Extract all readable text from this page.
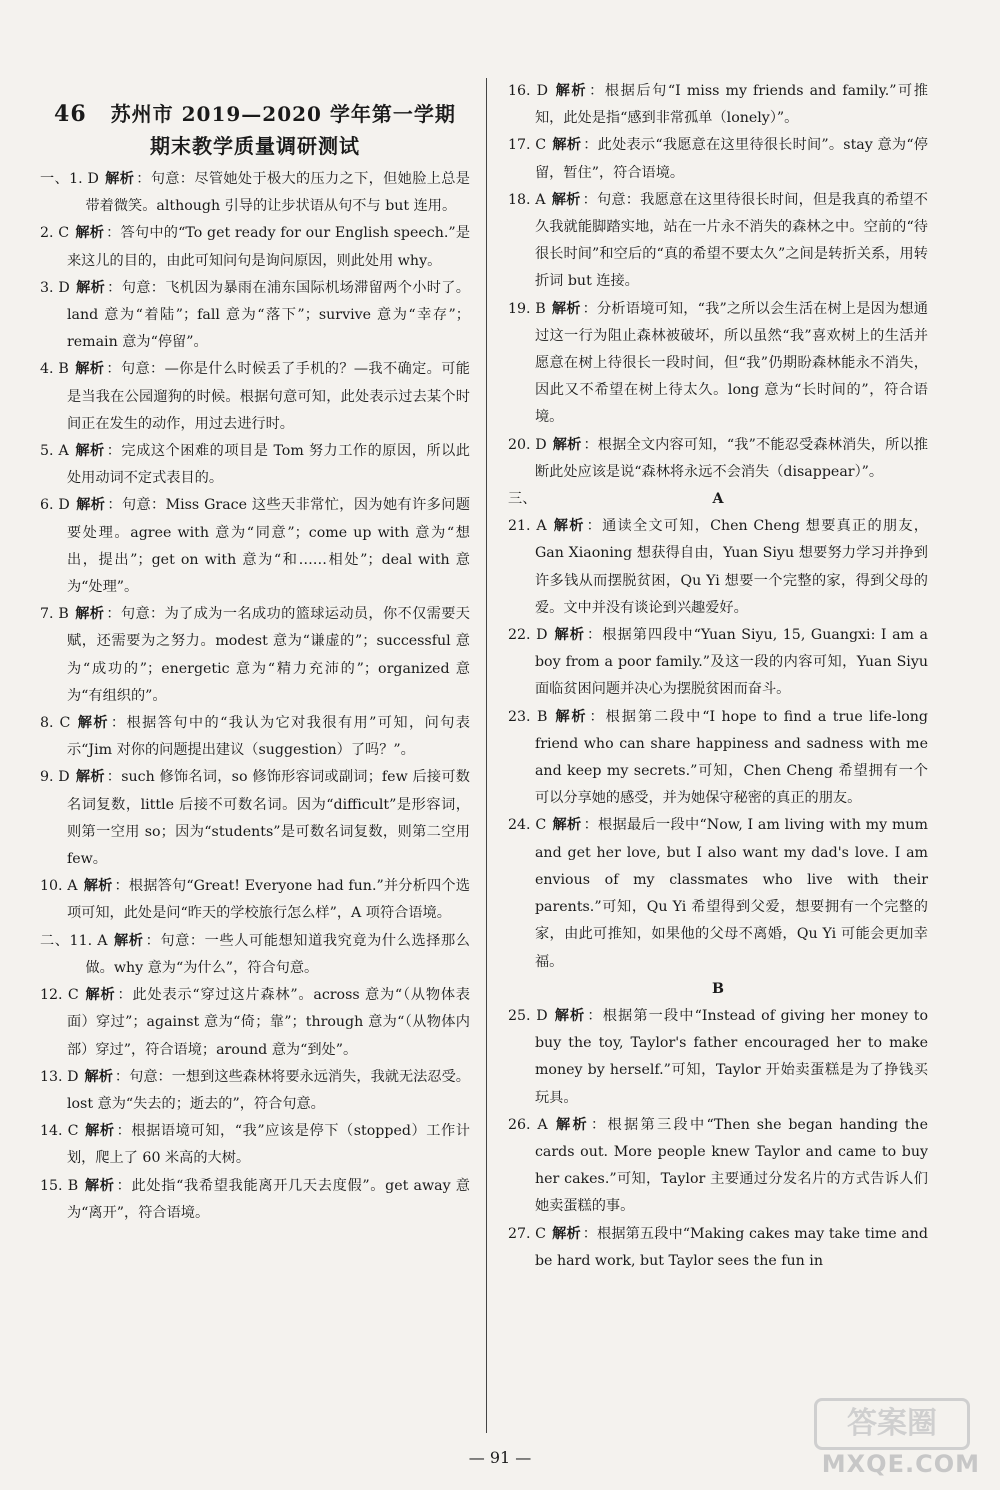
46 苏州市 2019—2020 学年第一学期
期末教学质量调研测试

一、1. D 解析 ：句意：尽管她处于极大的压力之下，但她脸上总是带着微笑。although 引导的让步状语从句不与 but 连用。

2. C 解析 ：答句中的“To get ready for our English speech.”是来这儿的目的，由此可知问句是询问原因，则此处用 why。

3. D 解析 ：句意：飞机因为暴雨在浦东国际机场滞留两个小时了。land 意为“着陆”；fall 意为“落下”；survive 意为“幸存”；remain 意为“停留”。

4. B 解析 ：句意：—你是什么时候丢了手机的？—我不确定。可能是当我在公园遛狗的时候。根据句意可知，此处表示过去某个时间正在发生的动作，用过去进行时。

5. A 解析 ：完成这个困难的项目是 Tom 努力工作的原因，所以此处用动词不定式表目的。

6. D 解析 ：句意：Miss Grace 这些天非常忙，因为她有许多问题要处理。agree with 意为“同意”；come up with 意为“想出，提出”；get on with 意为“和……相处”；deal with 意为“处理”。

7. B 解析 ：句意：为了成为一名成功的篮球运动员，你不仅需要天赋，还需要为之努力。modest 意为“谦虚的”；successful 意为“成功的”；energetic 意为“精力充沛的”；organized 意为“有组织的”。

8. C 解析 ：根据答句中的“我认为它对我很有用”可知，问句表示“Jim 对你的问题提出建议（suggestion）了吗？”。

9. D 解析 ：such 修饰名词，so 修饰形容词或副词；few 后接可数名词复数，little 后接不可数名词。因为“difficult”是形容词，则第一空用 so；因为“students”是可数名词复数，则第二空用 few。

10. A 解析 ：根据答句“Great! Everyone had fun.”并分析四个选项可知，此处是问“昨天的学校旅行怎么样”，A 项符合语境。

二、11. A 解析 ：句意：一些人可能想知道我究竟为什么选择那么做。why 意为“为什么”，符合句意。

12. C 解析 ：此处表示“穿过这片森林”。across 意为“（从物体表面）穿过”；against 意为“倚；靠”；through 意为“（从物体内部）穿过”，符合语境；around 意为“到处”。

13. D 解析 ：句意：一想到这些森林将要永远消失，我就无法忍受。lost 意为“失去的；逝去的”，符合句意。

14. C 解析 ：根据语境可知，“我”应该是停下（stopped）工作计划，爬上了 60 米高的大树。

15. B 解析 ：此处指“我希望我能离开几天去度假”。get away 意为“离开”，符合语境。

16. D 解析 ：根据后句“I miss my friends and family.”可推知，此处是指“感到非常孤单（lonely）”。

17. C 解析 ：此处表示“我愿意在这里待很长时间”。stay 意为“停留，暂住”，符合语境。

18. A 解析 ：句意：我愿意在这里待很长时间，但是我真的希望不久我就能脚踏实地，站在一片永不消失的森林之中。空前的“待很长时间”和空后的“真的希望不要太久”之间是转折关系，用转折词 but 连接。

19. B 解析 ：分析语境可知，“我”之所以会生活在树上是因为想通过这一行为阻止森林被破坏，所以虽然“我”喜欢树上的生活并愿意在树上待很长一段时间，但“我”仍期盼森林能永不消失，因此又不希望在树上待太久。long 意为“长时间的”，符合语境。

20. D 解析 ：根据全文内容可知，“我”不能忍受森林消失，所以推断此处应该是说“森林将永远不会消失（disappear）”。

三、	A

21. A 解析 ：通读全文可知，Chen Cheng 想要真正的朋友，Gan Xiaoning 想获得自由，Yuan Siyu 想要努力学习并挣到许多钱从而摆脱贫困，Qu Yi 想要一个完整的家，得到父母的爱。文中并没有谈论到兴趣爱好。

22. D 解析 ：根据第四段中“Yuan Siyu, 15, Guangxi: I am a boy from a poor family.”及这一段的内容可知，Yuan Siyu 面临贫困问题并决心为摆脱贫困而奋斗。

23. B 解析 ：根据第二段中“I hope to find a true life-long friend who can share happiness and sadness with me and keep my secrets.”可知，Chen Cheng 希望拥有一个可以分享她的感受，并为她保守秘密的真正的朋友。

24. C 解析 ：根据最后一段中“Now, I am living with my mum and get her love, but I also want my dad's love. I am envious of my classmates who live with their parents.”可知，Qu Yi 希望得到父爱，想要拥有一个完整的家，由此可推知，如果他的父母不离婚，Qu Yi 可能会更加幸福。

B

25. D 解析 ：根据第一段中“Instead of giving her money to buy the toy, Taylor's father encouraged her to make money by herself.”可知，Taylor 开始卖蛋糕是为了挣钱买玩具。

26. A 解析 ：根据第三段中“Then she began handing the cards out. More people knew Taylor and came to buy her cakes.”可知，Taylor 主要通过分发名片的方式告诉人们她卖蛋糕的事。

27. C 解析 ：根据第五段中“Making cakes may take time and be hard work, but Taylor sees the fun in

— 91 —
答案圈
MXQE.COM
